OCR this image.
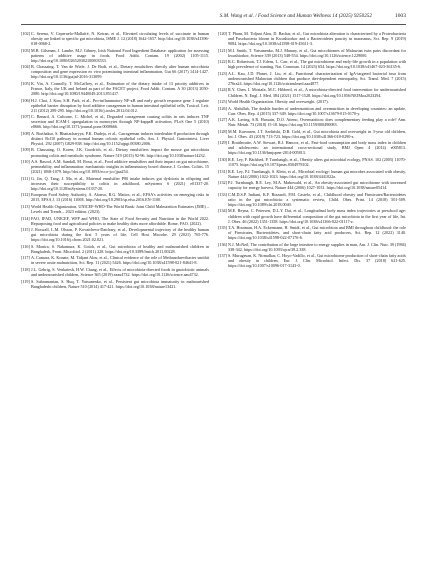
S.M. Wang et al. / Food Science and Human Wellness 14 (2025) 9250252	1603
[102] C. Serena, V. Ceperuelo-Mallafré, N. Keiran, et al., Elevated circulating levels of succinate in human obesity are linked to specific gut microbiota, ISME J. 12 (2018) 1642-1657. http://doi.org/10.1038/s41396-018-0068-2.
[103] M.B. Gilsenan, J. Lambe, M.J. Gibney, Irish National Food Ingredient Database: application for assessing patterns of additive usage in foods, Food Addit. Contam. 19 (2002) 1105-1115. http://doi.org/10.1080/026520302100003533.
[104] B. Chassaing, T. Van de Wiele, J. De Bodt, et al., Dietary emulsifiers directly alter human microbiota composition and gene expression ex vivo potentiating intestinal inflammation, Gut 66 (2017) 1414-1427. http://doi.org/10.1136/gutjnl-2016-313099.
[105] K. Vin, A. Connolly, T. McCaffrey, et al., Estimation of the dietary intake of 13 priority additives in France, Italy, the UK and Ireland as part of the FACET project, Food Addit. Contam. A 30 (2013) 2050-2080. http://doi.org/10.1080/19440049.2013.851417.
[106] H.J. Chai, J. Kim, S.H. Park, et al., Pro-inflammatory NF-κB and early growth response gene 1 regulate epithelial barrier disruption by food additive carrageenan in human intestinal epithelial cells, Toxicol. Lett. 211 (2012) 289-295. http://doi.org/10.1016/j.toxlet.2012.04.012.
[107] C. Benard, A. Cultrone, C. Michel, et al., Degraded carrageenan causing colitis in rats induces TNF secretion and ICAM-1 upregulation in monocytes through NF-kappaB activation, PLoS One 5 (2010) e8666. http://doi.org/10.1371/journal.pone.0008666.
[108] A. Borthakur, S. Bhattacharyya, P.K. Dudeja, et al., Carrageenan induces interleukin-8 production through distinct Bcl10 pathway in normal human colonic epithelial cells, Am. J. Physiol. Gastrointest. Liver Physiol. 292 (2007) G829-838. http://doi.org/10.1152/ajpgi.00380.2006.
[109] B. Chassaing, O. Koren, J.K. Goodrich, et al., Dietary emulsifiers impact the mouse gut microbiota promoting colitis and metabolic syndrome, Nature 519 (2015) 92-96. http://doi.org/10.1038/nature14232.
[110] A.S. Rasool, A.M. Sandall, M. Rossi, et al., Food additive emulsifiers and their impact on gut microbiome, permeability, and inflammation: mechanistic insights in inflammatory bowel disease, J. Crohns. Colitis. 15 (2021) 1068-1079. http://doi.org/10.1093/ecco-jcc/jjaa254.
[111] G. Jin, Q. Tang, J. Ma, et al., Maternal emulsifier P80 intake induces gut dysbiosis in offspring and increases their susceptibility to colitis in adulthood, mSystems 6 (2021) e01337-20. http://doi.org/10.1128/mSystems.01337-20.
[112] European Food Safety Authority, A. Afonso, R.G. Mattos, et al., EFSA's activities on emerging risks in 2015, EFSA J. 13 (2016) 1100E. http://doi.org/10.2903/sp.efsa.2016.EN-1100.
[113] World Health Organization, UNICEF-WHO-The World Bank: Joint Child Malnutrition Estimates (JME) – Levels and Trends – 2023 edition. (2023).
[114] FAO, IFAD, UNICEF, WFP and WHO, The State of Food Security and Nutrition in the World 2022. Repurposing food and agricultural policies to make healthy diets more affordable. Rome, FAO. (2022).
[115] J. Roswall, L.M. Olsson, P. Kovatcheva-Datchary, et al., Developmental trajectory of the healthy human gut microbiota during the first 5 years of life, Cell Host Microbe. 29 (2021) 765-776. https://doi.org/10.1016/j.chom.2021.02.021.
[116] S. Monira, S. Nakamura, K. Gotoh, et al., Gut microbiota of healthy and malnourished children in Bangladesh, Front. Microbiol. 2 (2011) 228. https://doi.org/10.3389/fmicb.2011.00228.
[117] A. Camara, K. Konate, M. Tidjani Alou, et al., Clinical evidence of the role of Methanobrevibacter smithii in severe acute malnutrition, Sci. Rep. 11 (2021) 5426. https://doi.org/10.1038/s41598-021-84641-8.
[118] J.L. Gehrig, S. Venkatesh, H.W. Chang, et al., Effects of microbiota-directed foods in gnotobiotic animals and undernourished children, Science 365 (2019) eaau4732. https://doi.org/10.1126/science.aau4732.
[119] S. Subramanian, S. Huq, T. Yatsunenko, et al., Persistent gut microbiota immaturity in malnourished Bangladeshi children, Nature 510 (2014) 417-421. https://doi.org/10.1038/nature13421.
[120] T. Pham, M. Tidjani Alou, D. Bachar, et al., Gut microbiota alteration is characterized by a Proteobacteria and Fusobacteria bloom in Kwashiorkor and a Bacteroidetes paucity in marasmus, Sci. Rep. 9 (2019) 9084. https://doi.org/10.1038/s41598-019-45611-3.
[121] M.I. Smith, T. Yatsunenko, M.J. Manary, et al., Gut microbiomes of Malawian twin pairs discordant for kwashiorkor, Science 339 (2013) 548-554. https://doi.org/10.1126/science.1229000.
[122] R.C. Robertson, T.J. Edens, L. Carr, et al., The gut microbiome and early-life growth in a population with high prevalence of stunting, Nat. Commun. 14 (2023) 654. https://doi.org/10.1038/s41467-023-36135-6.
[123] A.L. Kau, J.D. Planer, J. Liu, et al., Functional characterization of IgA-targeted bacterial taxa from undernourished Malawian children that produce diet-dependent enteropathy, Sci. Transl. Med. 7 (2015) 276ra24. https://doi.org/10.1126/scitranslmed.aaa4877.
[124] R.Y. Chen, I. Mostafa, M.C. Hibberd, et al., A microbiota-directed food intervention for undernourished Children, N. Engl. J. Med. 384 (2021) 1517-1528. https://doi.org/10.1056/NEJMoa2023294.
[125] World Health Organization. Obesity and overweight. (2017).
[126] A. Abdullah, The double burden of undernutrition and overnutrition in developing countries: an update, Curr. Obes. Rep. 4 (2015) 337-349. https://doi.org/10.1007/s13679-015-0170-y.
[127] A.K. Laving, S.R. Hussain, D.O. Atieno, Overnutrition: does complementary feeding play a role? Ann. Nutr. Metab. 73 (2018) 15-18. https://doi.org/10.1159/000490083.
[128] M.M. Karvonen, J.T. Szeliński, D.R. Gold, et al., Gut microbiota and overweight in 3-year old children, Int. J. Obes. 43 (2019) 713-723. https://doi.org/10.1038/s41366-018-0290-z.
[129] I. Braithwaite, A.W. Stewart, R.J. Hancox, et al., Fast-food consumption and body mass index in children and adolescents: an international cross-sectional study, BMJ Open 4 (2014) e005813. https://doi.org/10.1136/bmjopen-2014-005813.
[130] R.E. Ley, F. Bäckhed, P. Turnbaugh, et al., Obesity alters gut microbial ecology, PNAS. 102 (2005) 11070-11075. https://doi.org/10.1073/pnas.0504978102.
[131] R.E. Ley, P.J. Turnbaugh, S. Klein, et al., Microbial ecology: human gut microbes associated with obesity, Nature 444 (2006) 1022-1023. https://doi.org/10.1038/4441022a.
[132] P.J. Turnbaugh, R.E. Ley, M.A. Mahowald, et al., An obesity-associated gut microbiome with increased capacity for energy harvest, Nature 444 (2006) 1027-1031. https://doi.org/10.1038/nature05414.
[133] C.M.D.S.P. Indiani, K.F. Rizzardi, P.M. Castelo, et al., Childhood obesity and Firmicutes/Bacteroidetes ratio in the gut microbiota: a systematic review, Child. Obes. Print. 14 (2018) 501-509. https://doi.org/10.1089/chi.2018.0040.
[134] M.E. Reyna, C. Petersen, D.L.Y. Dai, et al., Longitudinal body mass index trajectories at preschool age: children with rapid growth have differential composition of the gut microbiota in the first year of life, Int. J. Obes. 46 (2022) 1351-1358. https://doi.org/10.1038/s41366-022-01117-z.
[135] T.A. Houtman, H.A. Eckermann, H. Smidt, et al., Gut microbiota and BMI throughout childhood: the role of Firmicutes, Bacteroidetes, and short-chain fatty acid producers, Sci. Rep. 12 (2022) 3140. https://doi.org/10.1038/s41598-022-07176-6.
[136] N.J. McNeil, The contribution of the large intestine to energy supplies in man, Am. J. Clin. Nutr. 39 (1984) 338-342. https://doi.org/10.1093/ajcn/39.2.338.
[137] S. Murugesan, K. Nirmalkar, C. Hoyo-Vadillo, et al., Gut microbiome production of short-chain fatty acids and obesity in children, Eur. J. Clin. Microbiol. Infect. Dis. 37 (2018) 621-625. https://doi.org/10.1007/s10096-017-3143-0.
